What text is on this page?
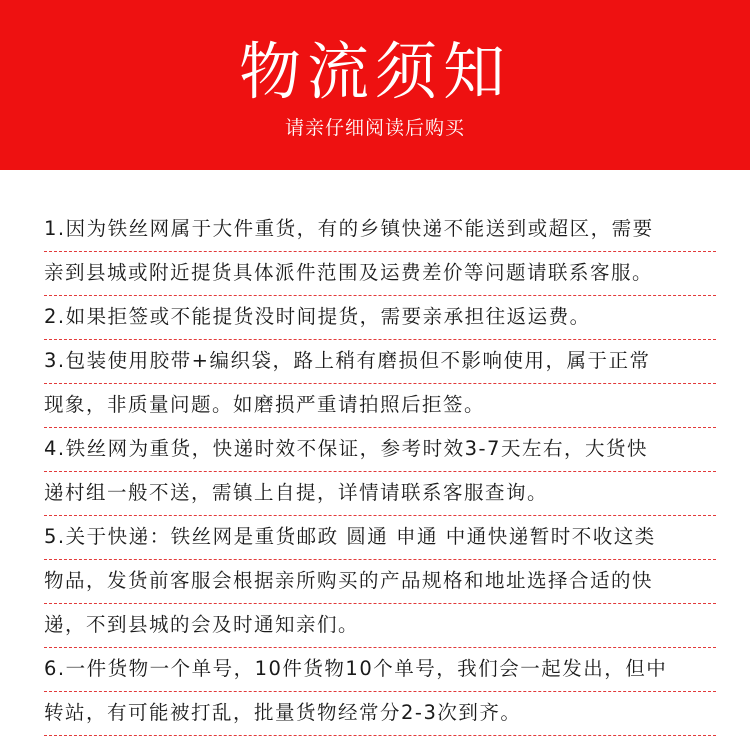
物流须知
请亲仔细阅读后购买
1.因为铁丝网属于大件重货，有的乡镇快递不能送到或超区，需要
亲到县城或附近提货具体派件范围及运费差价等问题请联系客服。
2.如果拒签或不能提货没时间提货，需要亲承担往返运费。
3.包装使用胶带+编织袋，路上稍有磨损但不影响使用，属于正常
现象，非质量问题。如磨损严重请拍照后拒签。
4.铁丝网为重货，快递时效不保证，参考时效3-7天左右，大货快
递村组一般不送，需镇上自提，详情请联系客服查询。
5.关于快递：铁丝网是重货邮政 圆通 申通 中通快递暂时不收这类
物品，发货前客服会根据亲所购买的产品规格和地址选择合适的快
递，不到县城的会及时通知亲们。
6.一件货物一个单号，10件货物10个单号，我们会一起发出，但中
转站，有可能被打乱，批量货物经常分2-3次到齐。
